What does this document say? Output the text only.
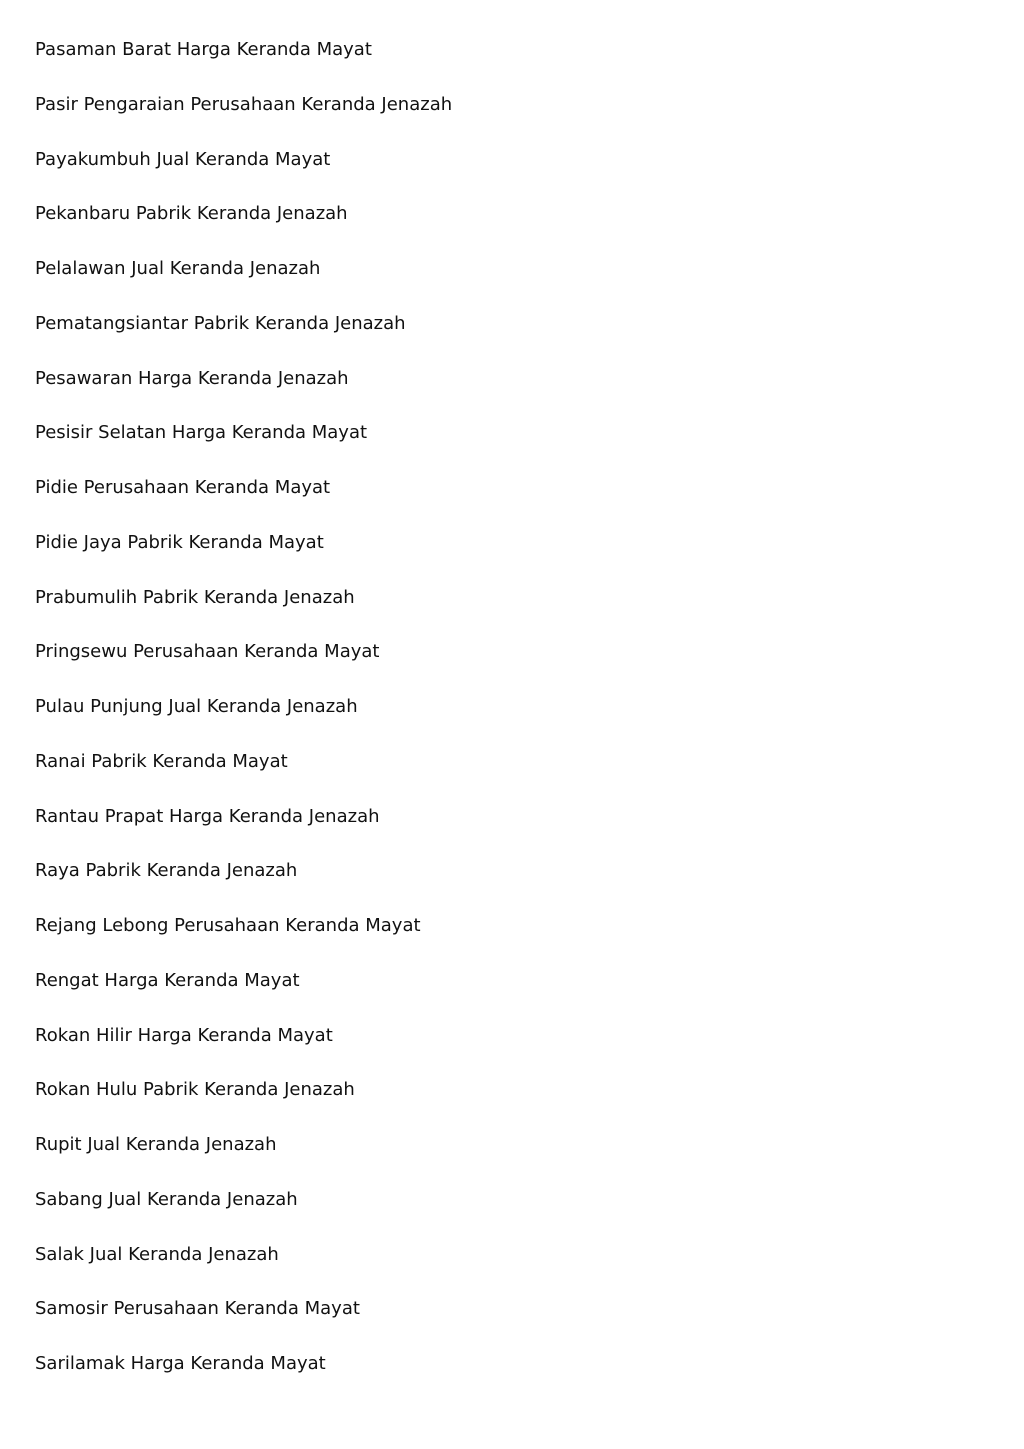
Pasaman Barat Harga Keranda Mayat
Pasir Pengaraian Perusahaan Keranda Jenazah
Payakumbuh Jual Keranda Mayat
Pekanbaru Pabrik Keranda Jenazah
Pelalawan Jual Keranda Jenazah
Pematangsiantar Pabrik Keranda Jenazah
Pesawaran Harga Keranda Jenazah
Pesisir Selatan Harga Keranda Mayat
Pidie Perusahaan Keranda Mayat
Pidie Jaya Pabrik Keranda Mayat
Prabumulih Pabrik Keranda Jenazah
Pringsewu Perusahaan Keranda Mayat
Pulau Punjung Jual Keranda Jenazah
Ranai Pabrik Keranda Mayat
Rantau Prapat Harga Keranda Jenazah
Raya Pabrik Keranda Jenazah
Rejang Lebong Perusahaan Keranda Mayat
Rengat Harga Keranda Mayat
Rokan Hilir Harga Keranda Mayat
Rokan Hulu Pabrik Keranda Jenazah
Rupit Jual Keranda Jenazah
Sabang Jual Keranda Jenazah
Salak Jual Keranda Jenazah
Samosir Perusahaan Keranda Mayat
Sarilamak Harga Keranda Mayat
